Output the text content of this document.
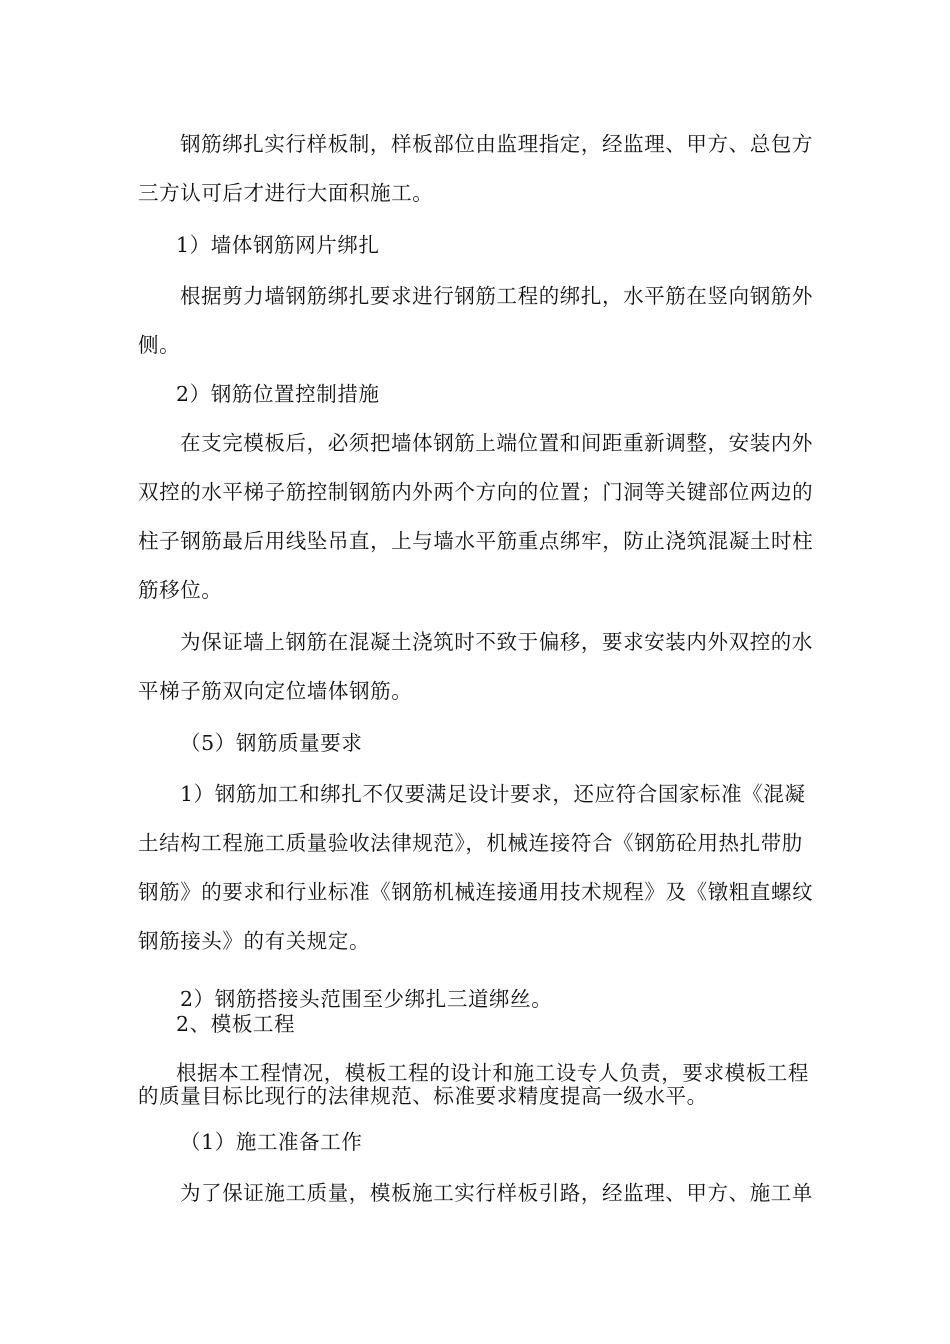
钢筋绑扎实行样板制，样板部位由监理指定，经监理、甲方、总包方
三方认可后才进行大面积施工。
1）墙体钢筋网片绑扎
根据剪力墙钢筋绑扎要求进行钢筋工程的绑扎，水平筋在竖向钢筋外
侧。
2）钢筋位置控制措施
在支完模板后，必须把墙体钢筋上端位置和间距重新调整，安装内外
双控的水平梯子筋控制钢筋内外两个方向的位置；门洞等关键部位两边的
柱子钢筋最后用线坠吊直，上与墙水平筋重点绑牢，防止浇筑混凝土时柱
筋移位。
为保证墙上钢筋在混凝土浇筑时不致于偏移，要求安装内外双控的水
平梯子筋双向定位墙体钢筋。
（5）钢筋质量要求
1）钢筋加工和绑扎不仅要满足设计要求，还应符合国家标准《混凝
土结构工程施工质量验收法律规范》，机械连接符合《钢筋砼用热扎带肋
钢筋》的要求和行业标准《钢筋机械连接通用技术规程》及《镦粗直螺纹
钢筋接头》的有关规定。
2）钢筋搭接头范围至少绑扎三道绑丝。
2、模板工程
根据本工程情况，模板工程的设计和施工设专人负责，要求模板工程
的质量目标比现行的法律规范、标准要求精度提高一级水平。
（1）施工准备工作
为了保证施工质量，模板施工实行样板引路，经监理、甲方、施工单
